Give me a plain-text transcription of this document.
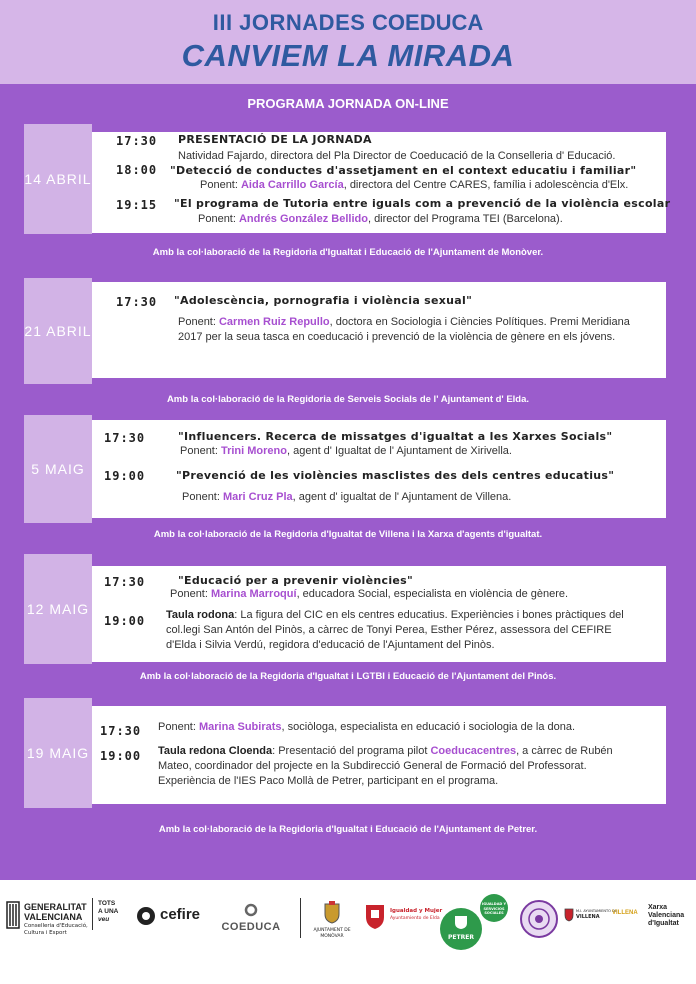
III JORNADES COEDUCA
CANVIEM LA MIRADA
PROGRAMA JORNADA ON-LINE
14 ABRIL
17:30 PRESENTACIÓ DE LA JORNADA
Natividad Fajardo, directora del Pla Director de Coeducació de la Conselleria d' Educació.
18:00 "Detecció de conductes d'assetjament en el context educatiu i familiar"
Ponent: Aida Carrillo García, directora del Centre CARES, família i adolescència d'Elx.
19:15 "El programa de Tutoria entre iguals com a prevenció de la violència escolar
Ponent: Andrés González Bellido, director del Programa TEI (Barcelona).
Amb la col·laboració de la Regidoria d'Igualtat i Educació de l'Ajuntament de Monòver.
21 ABRIL
17:30 "Adolescència, pornografia i violència sexual"
Ponent: Carmen Ruiz Repullo, doctora en Sociologia i Ciències Polítiques. Premi Meridiana 2017 per la seua tasca en coeducació i prevenció de la violència de gènere en els jóvens.
Amb la col·laboració de la Regidoria de Serveis Socials de l' Ajuntament d' Elda.
5 MAIG
17:30	"Influencers. Recerca de missatges d'igualtat a les Xarxes Socials"
Ponent: Trini Moreno, agent d' Igualtat de l' Ajuntament de Xirivella.
19:00	"Prevenció de les violències masclistes des dels centres educatius"
Ponent: Mari Cruz Pla, agent d' igualtat de l' Ajuntament de Villena.
Amb la col·laboració de la Regidoria d'Igualtat de Villena i la Xarxa d'agents d'igualtat.
12 MAIG
17:30	"Educació per a prevenir violències"
Ponent: Marina Marroquí, educadora Social, especialista en violència de gènere.
19:00 Taula rodona: La figura del CIC en els centres educatius. Experiències i bones pràctiques del col.legi San Antón del Pinòs, a càrrec de Tonyi Perea, Esther Pérez, assessora del CEFIRE d'Elda i Silvia Verdú, regidora d'educació de l'Ajuntament del Pinòs.
Amb la col·laboració de la Regidoria d'Igualtat i LGTBI i Educació de l'Ajuntament del Pinós.
19 MAIG
17:30 Ponent: Marina Subirats, sociòloga, especialista en educació i sociologia de la dona.
19:00 Taula redona Cloenda: Presentació del programa pilot Coeducacentres, a càrrec de Rubén Mateo, coordinador del projecte en la Subdirecció General de Formació del Professorat. Experiència de l'IES Paco Mollà de Petrer, participant en el programa.
Amb la col·laboració de la Regidoria d'Igualtat i Educació de l'Ajuntament de Petrer.
GENERALITAT
VALENCIANA
Conselleria d'Educació,
Cultura i Esport
TOTS
A UNA
veu	cefire
COEDUCA	AJUNTAMENT DE MONÒVAR
Igualdad y Mujer
Ayuntamiento de Elda
IGUALDAD Y
SERVICIOS
SOCIALES
PETRER
M.I. AYUNTAMIENTO DE
VILLENA
VILLENA
Xarxa
Valenciana
d'Igualtat
